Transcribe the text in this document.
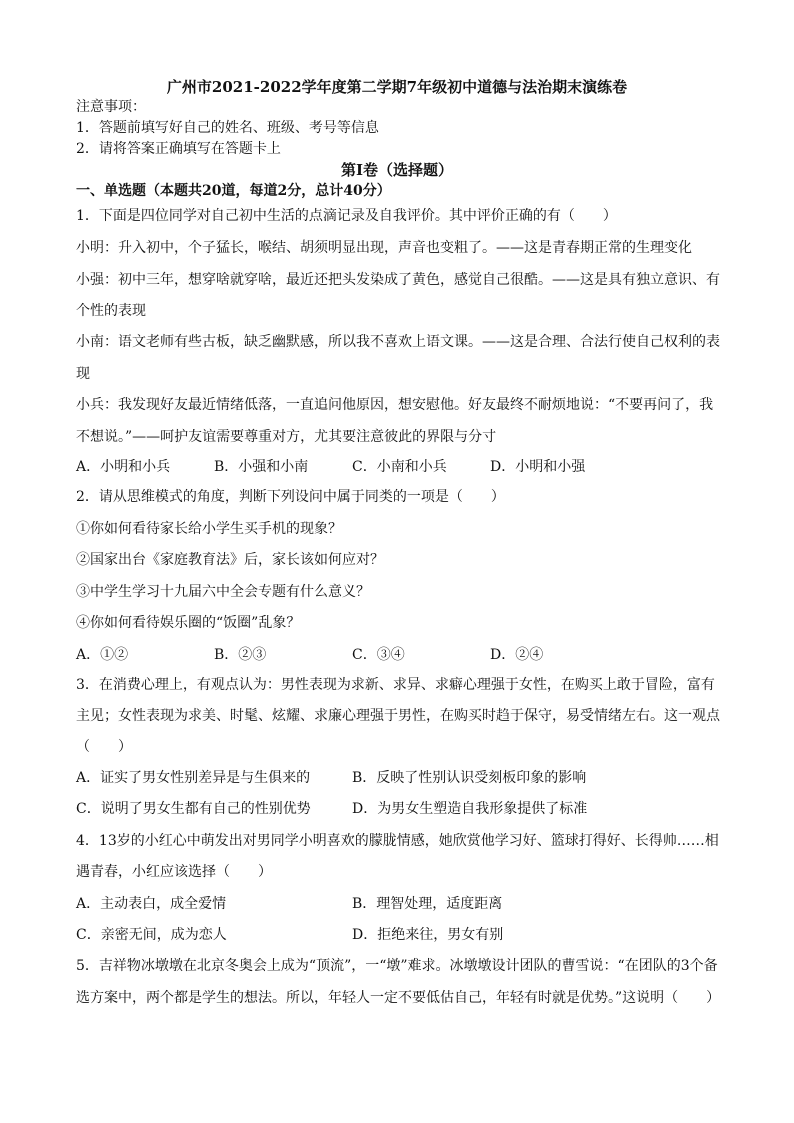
广州市2021-2022学年度第二学期7年级初中道德与法治期末演练卷
注意事项：
1．答题前填写好自己的姓名、班级、考号等信息
2．请将答案正确填写在答题卡上
第I卷（选择题）
一、单选题（本题共20道，每道2分，总计40分）
1．下面是四位同学对自己初中生活的点滴记录及自我评价。其中评价正确的有（　　）
小明：升入初中，个子猛长，喉结、胡须明显出现，声音也变粗了。——这是青春期正常的生理变化
小强：初中三年，想穿啥就穿啥，最近还把头发染成了黄色，感觉自己很酷。——这是具有独立意识、有
个性的表现
小南：语文老师有些古板，缺乏幽默感，所以我不喜欢上语文课。——这是合理、合法行使自己权利的表
现
小兵：我发现好友最近情绪低落，一直追问他原因，想安慰他。好友最终不耐烦地说：“不要再问了，我
不想说。”——呵护友谊需要尊重对方，尤其要注意彼此的界限与分寸
A．小明和小兵	B．小强和小南	C．小南和小兵	D．小明和小强
2．请从思维模式的角度，判断下列设问中属于同类的一项是（　　）
①你如何看待家长给小学生买手机的现象？
②国家出台《家庭教育法》后，家长该如何应对？
③中学生学习十九届六中全会专题有什么意义？
④你如何看待娱乐圈的“饭圈”乱象？
A．①②	B．②③	C．③④	D．②④
3．在消费心理上，有观点认为：男性表现为求新、求异、求癖心理强于女性，在购买上敢于冒险，富有
主见；女性表现为求美、时髦、炫耀、求廉心理强于男性，在购买时趋于保守，易受情绪左右。这一观点
（　　）
A．证实了男女性别差异是与生俱来的	B．反映了性别认识受刻板印象的影响
C．说明了男女生都有自己的性别优势	D．为男女生塑造自我形象提供了标准
4．13岁的小红心中萌发出对男同学小明喜欢的朦胧情感，她欣赏他学习好、篮球打得好、长得帅……相
遇青春，小红应该选择（　　）
A．主动表白，成全爱情	B．理智处理，适度距离
C．亲密无间，成为恋人	D．拒绝来往，男女有别
5．吉祥物冰墩墩在北京冬奥会上成为“顶流”，一“墩”难求。冰墩墩设计团队的曹雪说：“在团队的3个备
选方案中，两个都是学生的想法。所以，年轻人一定不要低估自己，年轻有时就是优势。”这说明（　　）
